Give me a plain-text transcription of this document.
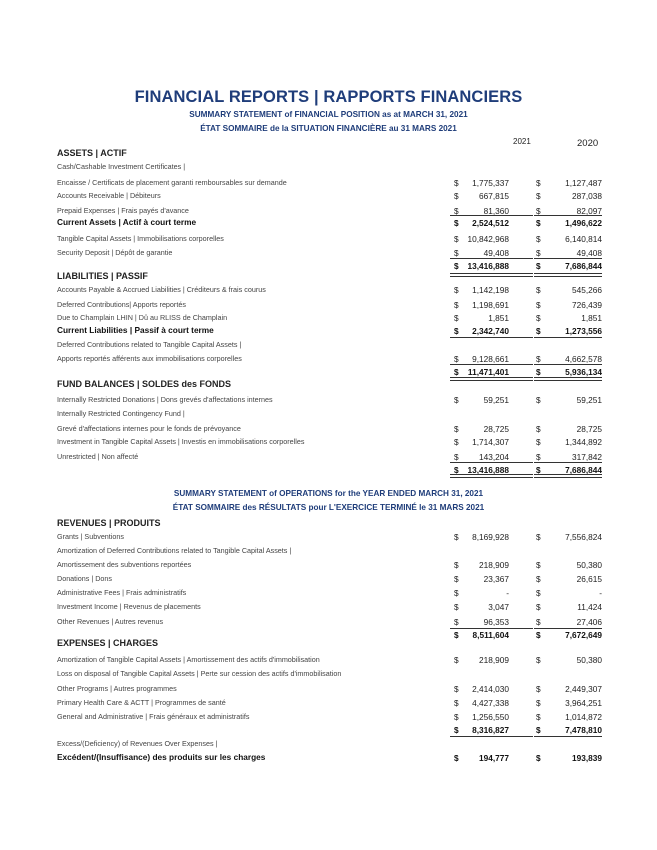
FINANCIAL REPORTS | RAPPORTS FINANCIERS
SUMMARY STATEMENT of FINANCIAL POSITION as at MARCH 31, 2021
ÉTAT SOMMAIRE de la SITUATION FINANCIÈRE au 31 MARS 2021
2021	2020
ASSETS | ACTIF
Cash/Cashable Investment Certificates |
Encaisse / Certificats de placement garanti remboursables sur demande	$ 1,775,337	$	1,127,487
Accounts Receivable | Débiteurs	$ 667,815	$	287,038
Prepaid Expenses | Frais payés d'avance	$	81,360	$	82,097
Current Assets | Actif à court terme	$ 2,524,512	$	1,496,622
Tangible Capital Assets | Immobilisations corporelles	$ 10,842,968	$	6,140,814
Security Deposit | Dépôt de garantie	$	49,408	$	49,408
$ 13,416,888	$	7,686,844
LIABILITIES | PASSIF
Accounts Payable & Accrued Liabilities | Créditeurs & frais courus	$ 1,142,198	$	545,266
Deferred Contributions| Apports reportés	$ 1,198,691	$	726,439
Due to Champlain LHIN | Dû au RLISS de Champlain	$	1,851	$	1,851
Current Liabilities | Passif à court terme	$ 2,342,740	$	1,273,556
Deferred Contributions related to Tangible Capital Assets |
Apports reportés afférents aux immobilisations corporelles	$ 9,128,661	$	4,662,578
$ 11,471,401	$	5,936,134
FUND BALANCES | SOLDES des FONDS
Internally Restricted Donations | Dons grevés d'affectations internes	$	59,251	$	59,251
Internally Restricted Contingency Fund |
Grevé d'affectations internes pour le fonds de prévoyance	$	28,725	$	28,725
Investment in Tangible Capital Assets | Investis en immobilisations corporelles	$ 1,714,307	$	1,344,892
Unrestricted | Non affecté	$ 143,204	$	317,842
$ 13,416,888	$	7,686,844
SUMMARY STATEMENT of OPERATIONS for the YEAR ENDED MARCH 31, 2021
ÉTAT SOMMAIRE des RÉSULTATS pour L'EXERCICE TERMINÉ le 31 MARS 2021
REVENUES | PRODUITS
Grants | Subventions	$ 8,169,928	$	7,556,824
Amortization of Deferred Contributions related to Tangible Capital Assets |
Amortissement des subventions reportées	$ 218,909	$	50,380
Donations | Dons	$	23,367	$	26,615
Administrative Fees | Frais administratifs	$	-	$	-
Investment Income | Revenus de placements	$	3,047	$	11,424
Other Revenues | Autres revenus	$	96,353	$	27,406
$ 8,511,604	$	7,672,649
EXPENSES | CHARGES
Amortization of Tangible Capital Assets | Amortissement des actifs d'immobilisation	$ 218,909	$	50,380
Loss on disposal of Tangible Capital Assets | Perte sur cession des actifs d'immobilisation
Other Programs | Autres programmes	$ 2,414,030	$	2,449,307
Primary Health Care & ACTT | Programmes de santé	$ 4,427,338	$	3,964,251
General and Administrative | Frais généraux et administratifs	$ 1,256,550	$	1,014,872
$ 8,316,827	$	7,478,810
Excess/(Deficiency) of Revenues Over Expenses |
Excédent/(Insuffisance) des produits sur les charges	$ 194,777	$	193,839
